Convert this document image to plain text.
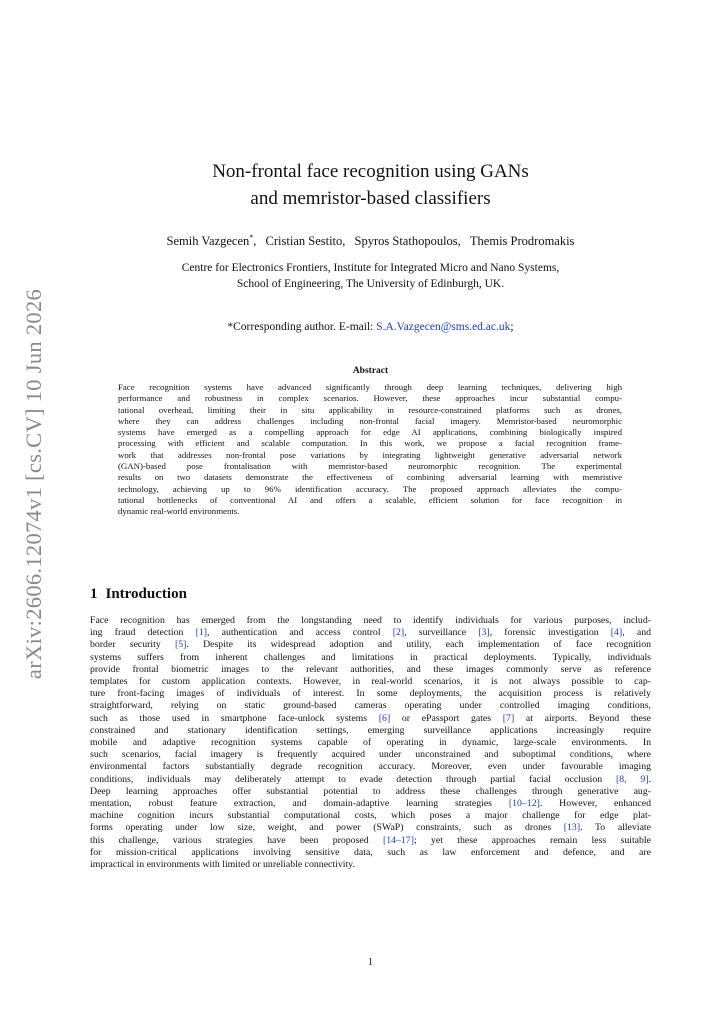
arXiv:2606.12074v1 [cs.CV] 10 Jun 2026
Non-frontal face recognition using GANs
and memristor-based classifiers
Semih Vazgecen*, Cristian Sestito, Spyros Stathopoulos, Themis Prodromakis
Centre for Electronics Frontiers, Institute for Integrated Micro and Nano Systems,
School of Engineering, The University of Edinburgh, UK.
*Corresponding author. E-mail: S.A.Vazgecen@sms.ed.ac.uk;
Abstract
Face recognition systems have advanced significantly through deep learning techniques, delivering high
performance and robustness in complex scenarios. However, these approaches incur substantial compu-
tational overhead, limiting their in situ applicability in resource-constrained platforms such as drones,
where they can address challenges including non-frontal facial imagery. Memristor-based neuromorphic
systems have emerged as a compelling approach for edge AI applications, combining biologically inspired
processing with efficient and scalable computation. In this work, we propose a facial recognition frame-
work that addresses non-frontal pose variations by integrating lightweight generative adversarial network
(GAN)-based pose frontalisation with memristor-based neuromorphic recognition. The experimental
results on two datasets demonstrate the effectiveness of combining adversarial learning with memristive
technology, achieving up to 96% identification accuracy. The proposed approach alleviates the compu-
tational bottlenecks of conventional AI and offers a scalable, efficient solution for face recognition in
dynamic real-world environments.
1 Introduction
Face recognition has emerged from the longstanding need to identify individuals for various purposes, includ-
ing fraud detection [1], authentication and access control [2], surveillance [3], forensic investigation [4], and
border security [5]. Despite its widespread adoption and utility, each implementation of face recognition
systems suffers from inherent challenges and limitations in practical deployments. Typically, individuals
provide frontal biometric images to the relevant authorities, and these images commonly serve as reference
templates for custom application contexts. However, in real-world scenarios, it is not always possible to cap-
ture front-facing images of individuals of interest. In some deployments, the acquisition process is relatively
straightforward, relying on static ground-based cameras operating under controlled imaging conditions,
such as those used in smartphone face-unlock systems [6] or ePassport gates [7] at airports. Beyond these
constrained and stationary identification settings, emerging surveillance applications increasingly require
mobile and adaptive recognition systems capable of operating in dynamic, large-scale environments. In
such scenarios, facial imagery is frequently acquired under unconstrained and suboptimal conditions, where
environmental factors substantially degrade recognition accuracy. Moreover, even under favourable imaging
conditions, individuals may deliberately attempt to evade detection through partial facial occlusion [8, 9].
Deep learning approaches offer substantial potential to address these challenges through generative aug-
mentation, robust feature extraction, and domain-adaptive learning strategies [10–12]. However, enhanced
machine cognition incurs substantial computational costs, which poses a major challenge for edge plat-
forms operating under low size, weight, and power (SWaP) constraints, such as drones [13]. To alleviate
this challenge, various strategies have been proposed [14–17]; yet these approaches remain less suitable
for mission-critical applications involving sensitive data, such as law enforcement and defence, and are
impractical in environments with limited or unreliable connectivity.
1
